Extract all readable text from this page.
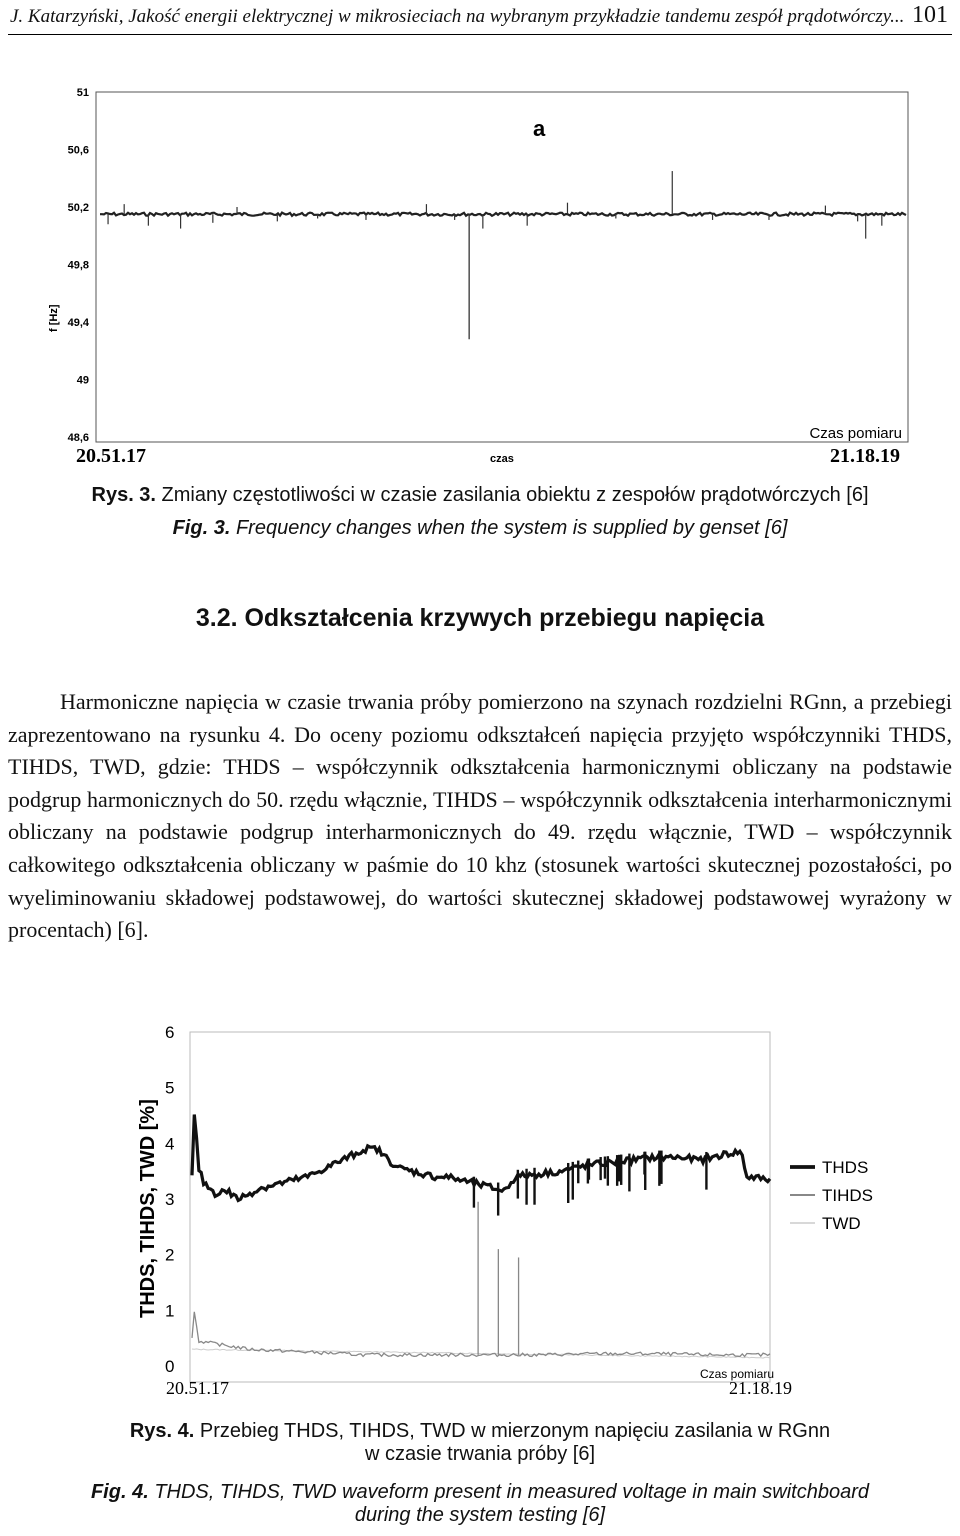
J. Katarzyński, Jakość energii elektrycznej w mikrosieciach na wybranym przykładzie tandemu zespół prądotwórczy... 101
a
f [Hz]
51
50,6
50,2
49,8
49,4
49
48,6	Czas pomiaru
20.51.17	czas	21.18.19
Rys. 3. Zmiany częstotliwości w czasie zasilania obiektu z zespołów prądotwórczych [6]
Fig. 3. Frequency changes when the system is supplied by genset [6]
3.2. Odkształcenia krzywych przebiegu napięcia
Harmoniczne napięcia w czasie trwania próby pomierzono na szynach rozdzielni RGnn, a przebiegi zaprezentowano na rysunku 4. Do oceny poziomu odkształceń napięcia przyjęto współczynniki THDS, TIHDS, TWD, gdzie: THDS – współczynnik odkształcenia harmonicznymi obliczany na podstawie podgrup harmonicznych do 50. rzędu włącznie, TIHDS – współczynnik odkształcenia interharmonicznymi obliczany na podstawie podgrup interharmonicznych do 49. rzędu włącznie, TWD – współczynnik całkowitego odkształcenia obliczany w paśmie do 10 khz (stosunek wartości skutecznej pozostałości, po wyeliminowaniu składowej podstawowej, do wartości skutecznej składowej podstawowej wyrażony w procentach) [6].
THDS, TIHDS, TWD [%]
6
5
4
3
2
1
0
THDS
TIHDS
TWD
Czas pomiaru
20.51.17	21.18.19
Rys. 4. Przebieg THDS, TIHDS, TWD w mierzonym napięciu zasilania w RGnn
w czasie trwania próby [6]
Fig. 4. THDS, TIHDS, TWD waveform present in measured voltage in main switchboard
during the system testing [6]
